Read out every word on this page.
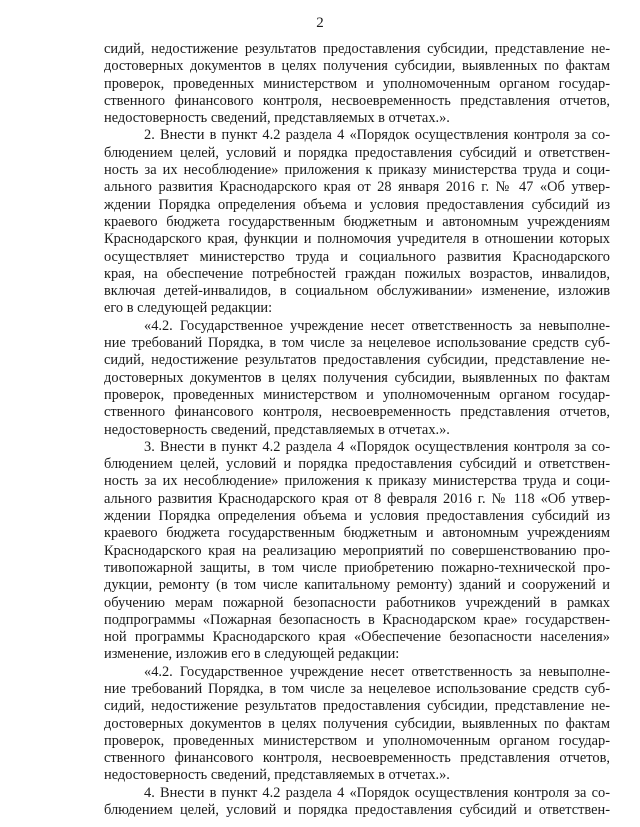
2
сидий, недостижение результатов предоставления субсидии, представление не-
достоверных документов в целях получения субсидии, выявленных по фактам
проверок, проведенных министерством и уполномоченным органом государ-
ственного финансового контроля, несвоевременность представления отчетов,
недостоверность сведений, представляемых в отчетах.».
2. Внести в пункт 4.2 раздела 4 «Порядок осуществления контроля за со-
блюдением целей, условий и порядка предоставления субсидий и ответствен-
ность за их несоблюдение» приложения к приказу министерства труда и соци-
ального развития Краснодарского края от 28 января 2016 г. № 47 «Об утвер-
ждении Порядка определения объема и условия предоставления субсидий из
краевого бюджета государственным бюджетным и автономным учреждениям
Краснодарского края, функции и полномочия учредителя в отношении которых
осуществляет министерство труда и социального развития Краснодарского
края, на обеспечение потребностей граждан пожилых возрастов, инвалидов,
включая детей-инвалидов, в социальном обслуживании» изменение, изложив
его в следующей редакции:
«4.2. Государственное учреждение несет ответственность за невыполне-
ние требований Порядка, в том числе за нецелевое использование средств суб-
сидий, недостижение результатов предоставления субсидии, представление не-
достоверных документов в целях получения субсидии, выявленных по фактам
проверок, проведенных министерством и уполномоченным органом государ-
ственного финансового контроля, несвоевременность представления отчетов,
недостоверность сведений, представляемых в отчетах.».
3. Внести в пункт 4.2 раздела 4 «Порядок осуществления контроля за со-
блюдением целей, условий и порядка предоставления субсидий и ответствен-
ность за их несоблюдение» приложения к приказу министерства труда и соци-
ального развития Краснодарского края от 8 февраля 2016 г. № 118 «Об утвер-
ждении Порядка определения объема и условия предоставления субсидий из
краевого бюджета государственным бюджетным и автономным учреждениям
Краснодарского края на реализацию мероприятий по совершенствованию про-
тивопожарной защиты, в том числе приобретению пожарно-технической про-
дукции, ремонту (в том числе капитальному ремонту) зданий и сооружений и
обучению мерам пожарной безопасности работников учреждений в рамках
подпрограммы «Пожарная безопасность в Краснодарском крае» государствен-
ной программы Краснодарского края «Обеспечение безопасности населения»
изменение, изложив его в следующей редакции:
«4.2. Государственное учреждение несет ответственность за невыполне-
ние требований Порядка, в том числе за нецелевое использование средств суб-
сидий, недостижение результатов предоставления субсидии, представление не-
достоверных документов в целях получения субсидии, выявленных по фактам
проверок, проведенных министерством и уполномоченным органом государ-
ственного финансового контроля, несвоевременность представления отчетов,
недостоверность сведений, представляемых в отчетах.».
4. Внести в пункт 4.2 раздела 4 «Порядок осуществления контроля за со-
блюдением целей, условий и порядка предоставления субсидий и ответствен-
